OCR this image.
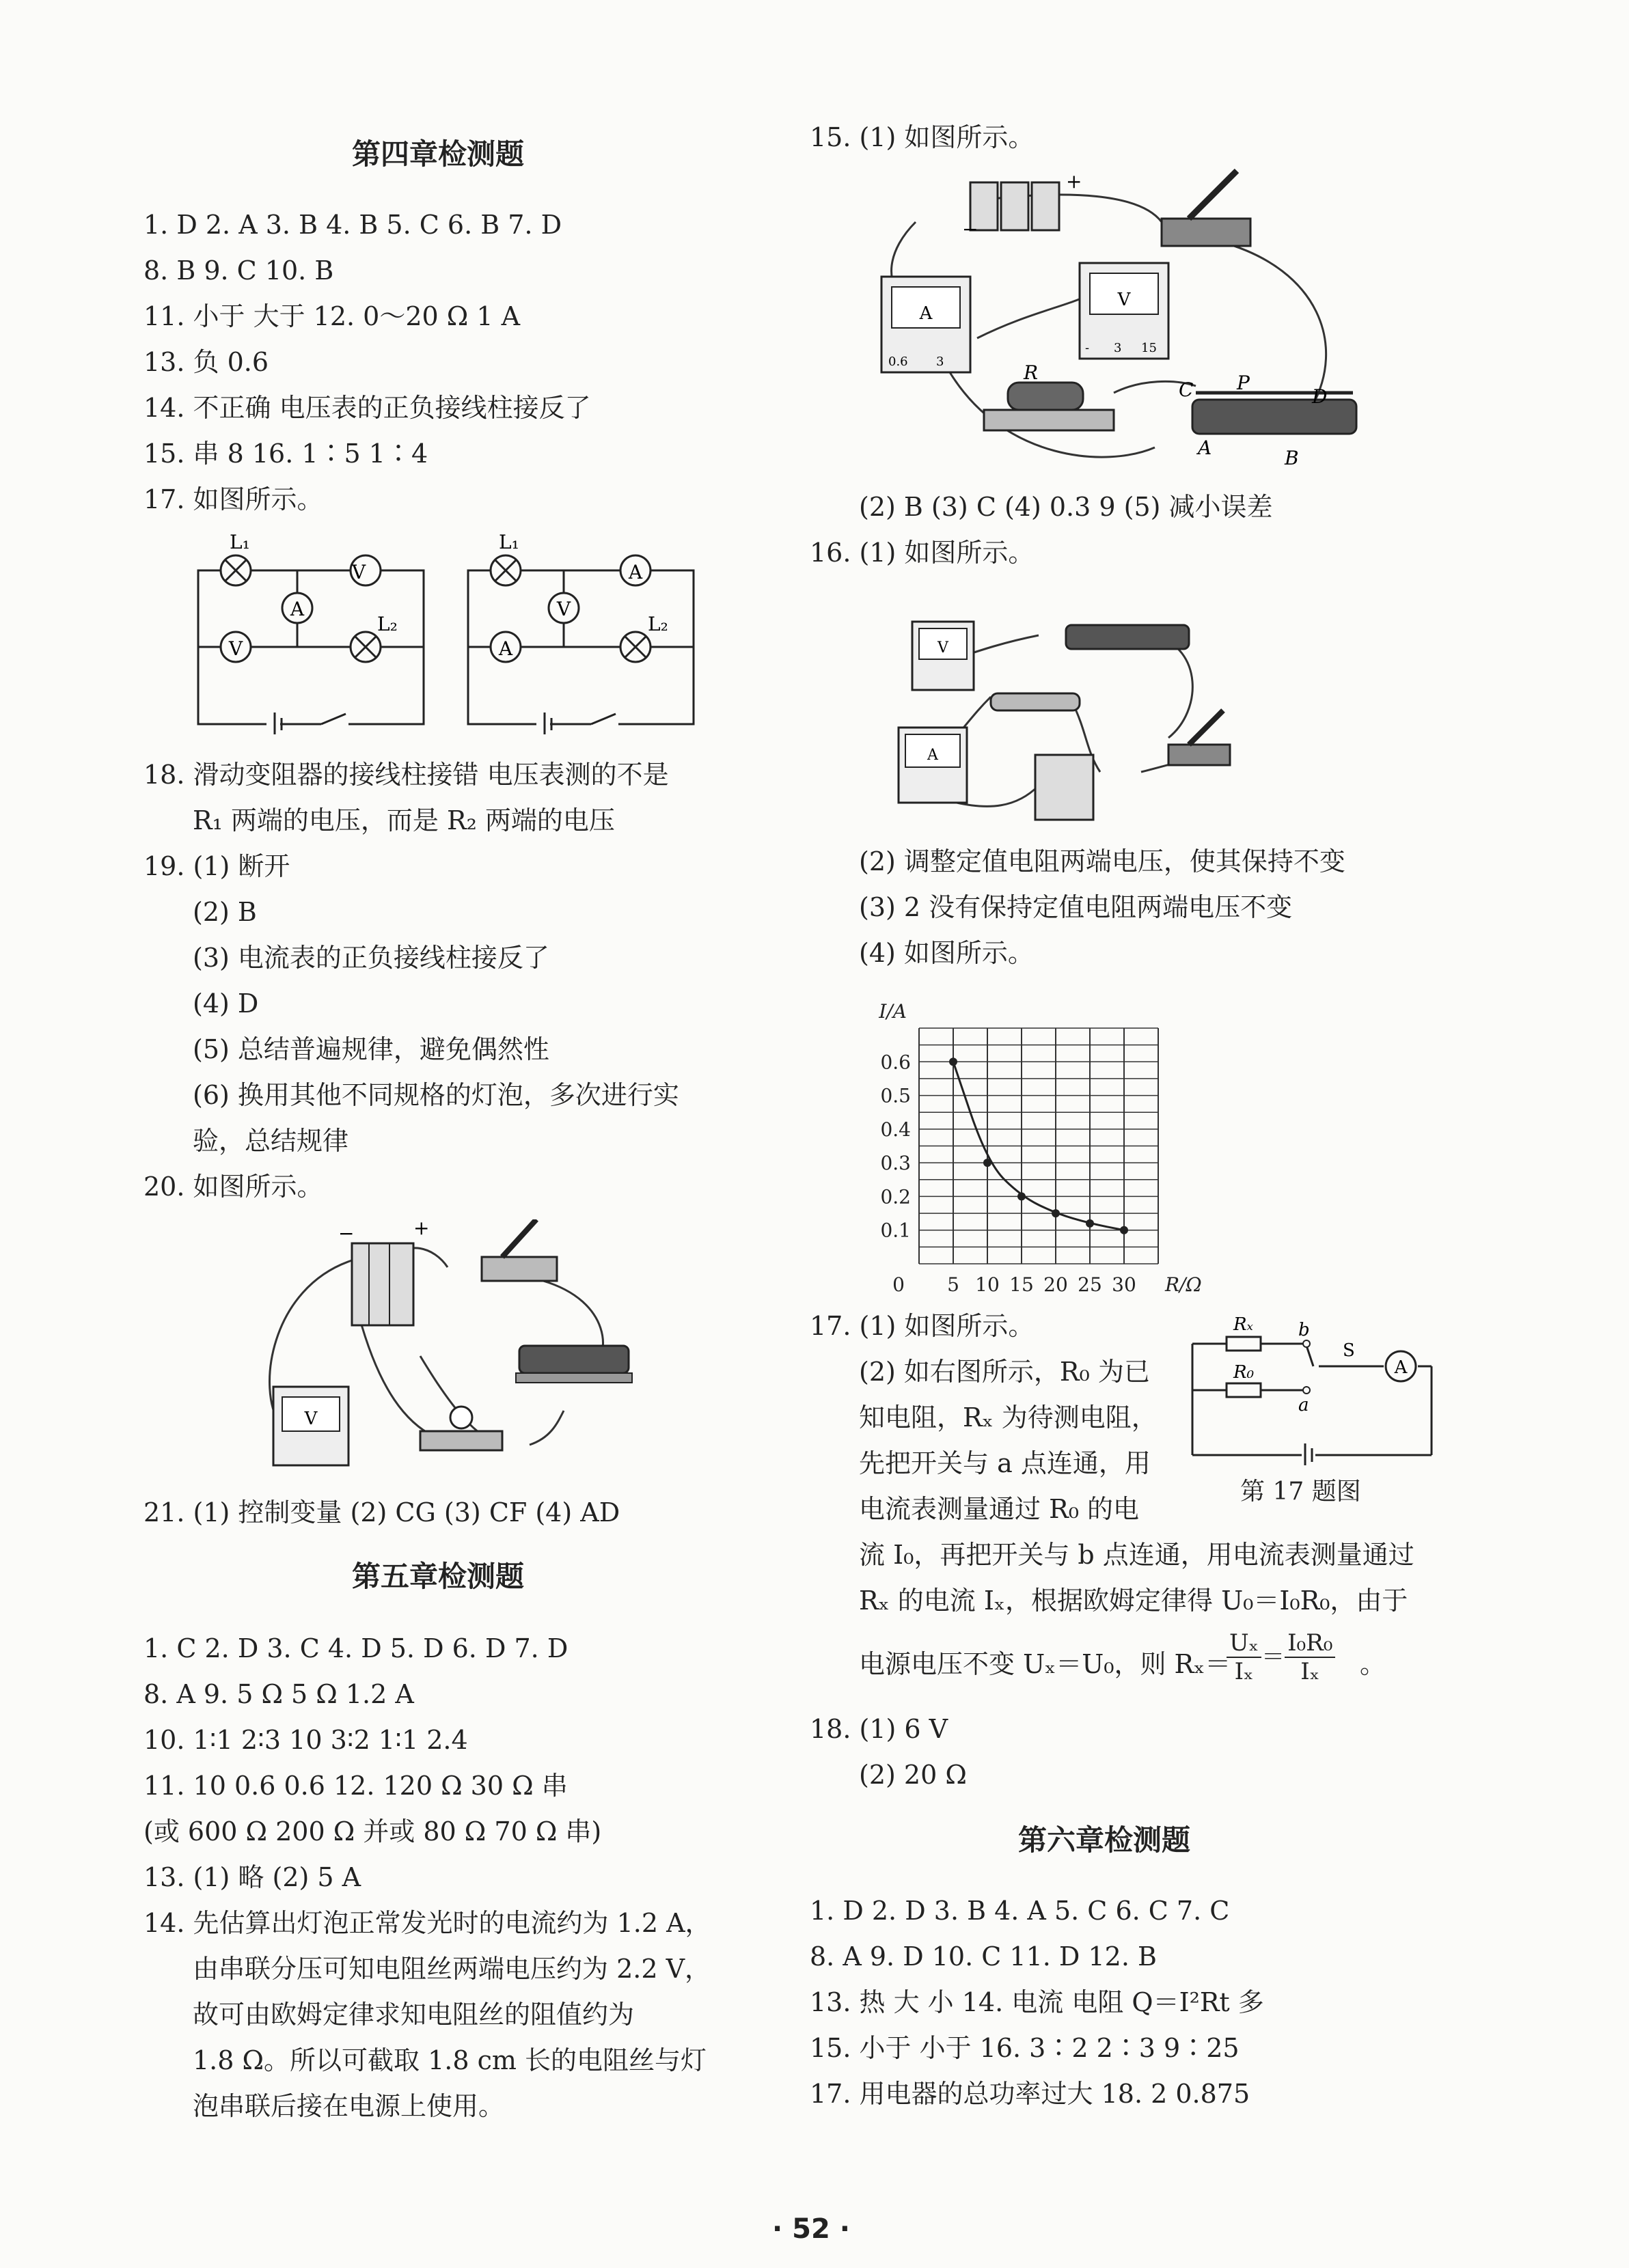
第四章检测题
1. D 2. A 3. B 4. B 5. C 6. B 7. D
8. B 9. C 10. B
11. 小于 大于 12. 0～20 Ω 1 A
13. 负 0.6
14. 不正确 电压表的正负接线柱接反了
15. 串 8 16. 1∶5 1∶4
17. 如图所示。
L₁
V
A
V
L₂
L₁
A
V
A
L₂
18. 滑动变阻器的接线柱接错 电压表测的不是
R₁ 两端的电压，而是 R₂ 两端的电压
19. (1) 断开
(2) B
(3) 电流表的正负接线柱接反了
(4) D
(5) 总结普遍规律，避免偶然性
(6) 换用其他不同规格的灯泡，多次进行实
验，总结规律
20. 如图所示。
−	+
V
21. (1) 控制变量 (2) CG (3) CF (4) AD
第五章检测题
1. C 2. D 3. C 4. D 5. D 6. D 7. D
8. A 9. 5 Ω 5 Ω 1.2 A
10. 1∶1 2∶3 10 3∶2 1∶1 2.4
11. 10 0.6 0.6 12. 120 Ω 30 Ω 串
(或 600 Ω 200 Ω 并或 80 Ω 70 Ω 串)
13. (1) 略 (2) 5 A
14. 先估算出灯泡正常发光时的电流约为 1.2 A，
由串联分压可知电阻丝两端电压约为 2.2 V，
故可由欧姆定律求知电阻丝的阻值约为
1.8 Ω。所以可截取 1.8 cm 长的电阻丝与灯
泡串联后接在电源上使用。
15. (1) 如图所示。
−
+
A
0.6 3
V
- 3 15
R
C P
D
A	B
(2) B (3) C (4) 0.3 9 (5) 减小误差
16. (1) 如图所示。
V
A
(2) 调整定值电阻两端电压，使其保持不变
(3) 2 没有保持定值电阻两端电压不变
(4) 如图所示。
5 10 15 20 25 30
0.1
0.2
0.3
0.4
0.5
0.6
0	R/Ω
I/A
17. (1) 如图所示。
(2) 如右图所示，R₀ 为已
知电阻，Rₓ 为待测电阻，
先把开关与 a 点连通，用
电流表测量通过 R₀ 的电
A
Rₓ
R₀
b
a
S
第 17 题图
流 I₀，再把开关与 b 点连通，用电流表测量通过
Rₓ 的电流 Iₓ，根据欧姆定律得 U₀＝I₀R₀，由于
电源电压不变 Uₓ＝U₀，则 Rₓ＝
$\frac{\text{Uₓ}}{\text{Iₓ}} = \frac{\text{I₀R₀}}{\text{Iₓ}}$ 。
18. (1) 6 V
(2) 20 Ω
第六章检测题
1. D 2. D 3. B 4. A 5. C 6. C 7. C
8. A 9. D 10. C 11. D 12. B
13. 热 大 小 14. 电流 电阻 Q＝I²Rt 多
15. 小于 小于 16. 3∶2 2∶3 9∶25
17. 用电器的总功率过大 18. 2 0.875
· 52 ·
